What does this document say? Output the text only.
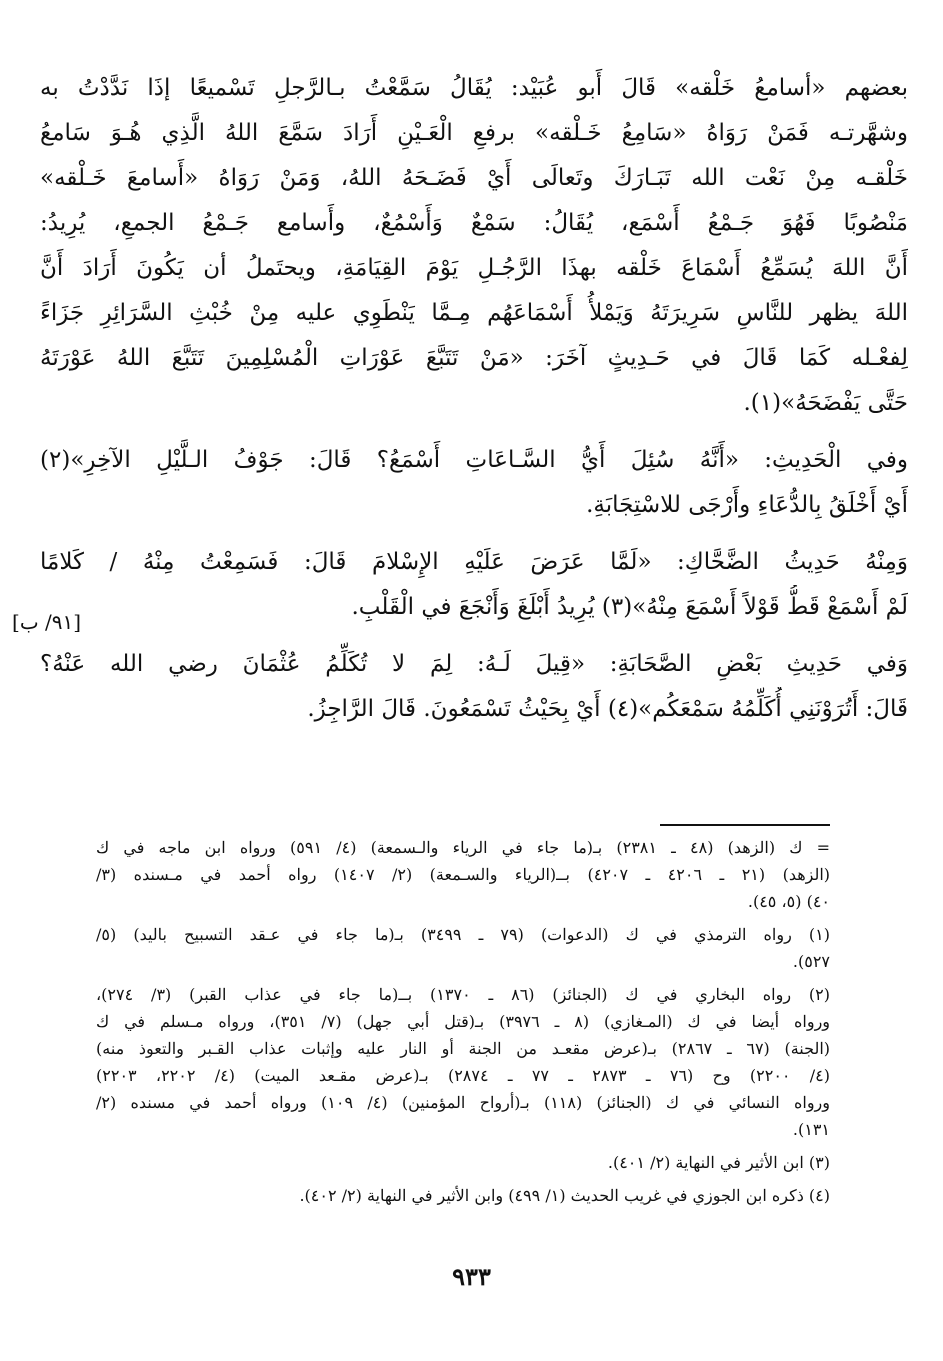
بعضهم «أسامعُ خَلْقه» قَالَ أَبو عُبَيْد: يُقَالُ سَمَّعْتُ بـالرَّجلِ تَسْميعًا إذَا نَدَّدْتُ به
وشهَّرتـه فَمَنْ رَوَاهُ «سَامِعُ خَـلْقه» برفعِ الْعَـيْنِ أَرَادَ سَمَّعَ اللهُ الَّذِي هُـوَ سَامعُ
خَلْقـه مِنْ نَعْت الله تَبَـارَكَ وتَعالَى أَيْ فَضَـحَهُ اللهُ، وَمَنْ رَوَاهُ «أَسامعَ خَـلْقه»
مَنْصُوبًا فَهُوَ جَـمْعُ أَسْمَع، يُقَالُ: سَمْعٌ وَأَسْمُعٌ، وأَسامع جَـمْعُ الجمعِ، يُرِيدُ:
أَنَّ اللهَ يُسَمِّعُ أَسْمَاعَ خَلْقه بهذَا الرَّجُـلِ يَوْمَ القِيَامَةِ، ويحتَملُ أن يَكُونَ أَرَادَ أَنَّ
اللهَ يظهر للنَّاسِ سَرِيرَتَهُ وَيَمْلأُ أَسْمَاعَهُم مِـمَّا يَنْطَوِي عليه مِنْ خُبْثِ السَّرَائِرِ جَزَاءً
لِفعْـله كَمَا قَالَ في حَـدِيثٍ آخَرَ: «مَنْ تَتَبَّعَ عَوْرَاتِ الْمُسْلِمِينَ تَتَبَّعَ اللهُ عَوْرَتَهُ
حَتَّى يَفْضَحَهُ»(١).
وفي الْحَدِيثِ: «أَنَّهُ سُئِلَ أَيُّ السَّـاعَاتِ أَسْمَعُ؟ قَالَ: جَوْفُ الـلَّيْلِ الآخِرِ»(٢)
أَيْ أَخْلَقُ بِالدُّعَاءِ وأَرْجَى للاسْتِجَابَةِ.
وَمِنْهُ حَدِيثُ الضَّحَّاكِ: «لَمَّا عَرَضَ عَلَيْهِ الإِسْلامَ قَالَ: فَسَمِعْتُ مِنْهُ / كَلامًا
لَمْ أَسْمَعْ قَطُّ قَوْلاً أَسْمَعَ مِنْهُ»(٣) يُرِيدُ أَبْلَغَ وَأَنْجَعَ في الْقَلْبِ.
وَفي حَدِيثِ بَعْضِ الصَّحَابَةِ: «قِيلَ لَـهُ: لِمَ لا تُكَلِّمُ عُثْمَانَ رضي الله عَنْهُ؟
قَالَ: أَتُرَوْنَنِي أُكَلِّمُهُ سَمْعَكُم»(٤) أَيْ بِحَيْثُ تَسْمَعُونَ. قَالَ الرَّاجِزُ.
[٩١/ ب]
= ك (الزهد) (٤٨ ـ ٢٣٨١) بـ(ما جاء في الرياء والـسمعة) (٤/ ٥٩١) ورواه ابن ماجه في ك
(الزهد) (٢١ ـ ٤٢٠٦ ـ ٤٢٠٧) بــ(الرياء والسـمعة) (٢/ ١٤٠٧) رواه أحمد في مـسنده (٣/
٤٠) (٥، ٤٥).
(١) رواه الترمذي في ك (الدعوات) (٧٩ ـ ٣٤٩٩) بـ(ما جاء في عـقد التسبيح باليد) (٥/
٥٢٧).
(٢) رواه البخاري في ك (الجنائز) (٨٦ ـ ١٣٧٠) بــ(ما جاء في عذاب القبر) (٣/ ٢٧٤)،
ورواه أيضا في ك (المـغازي) (٨ ـ ٣٩٧٦) بـ(قتل أبي جهل) (٧/ ٣٥١)، ورواه مـسلم في ك
(الجنة) (٦٧ ـ ٢٨٦٧) بـ(عرض مقعـد من الجنة أو النار عليه وإثبات عذاب القـبر والتعوذ منه)
(٤/ ٢٢٠٠) وح (٧٦ ـ ٢٨٧٣ ـ ٧٧ ـ ٢٨٧٤) بـ(عرض مقـعد الميت) (٤/ ٢٢٠٢، ٢٢٠٣)
ورواه النسائي في ك (الجنائز) (١١٨) بـ(أرواح المؤمنين) (٤/ ١٠٩) ورواه أحمد في مسنده (٢/
١٣١).
(٣) ابن الأثير في النهاية (٢/ ٤٠١).
(٤) ذكره ابن الجوزي في غريب الحديث (١/ ٤٩٩) وابن الأثير في النهاية (٢/ ٤٠٢).
٩٣٣
